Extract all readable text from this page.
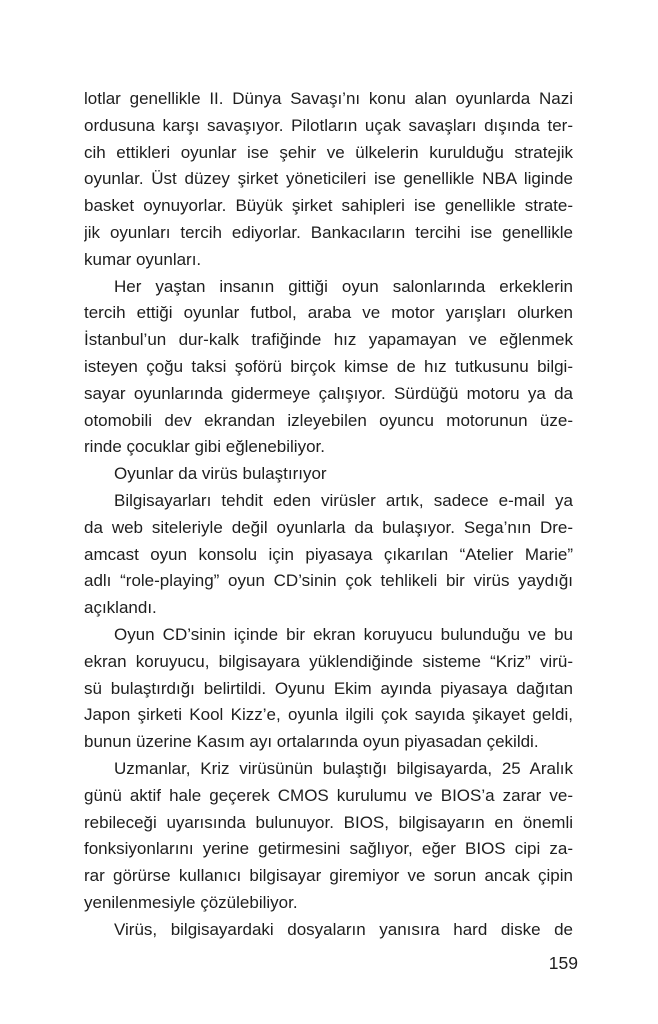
lotlar genellikle II. Dünya Savaşı’nı konu alan oyunlarda Nazi
ordusuna karşı savaşıyor. Pilotların uçak savaşları dışında ter-
cih ettikleri oyunlar ise şehir ve ülkelerin kurulduğu stratejik
oyunlar. Üst düzey şirket yöneticileri ise genellikle NBA liginde
basket oynuyorlar. Büyük şirket sahipleri ise genellikle strate-
jik oyunları tercih ediyorlar. Bankacıların tercihi ise genellikle
kumar oyunları.
Her yaştan insanın gittiği oyun salonlarında erkeklerin
tercih ettiği oyunlar futbol, araba ve motor yarışları olurken
İstanbul’un dur-kalk trafiğinde hız yapamayan ve eğlenmek
isteyen çoğu taksi şoförü birçok kimse de hız tutkusunu bilgi-
sayar oyunlarında gidermeye çalışıyor. Sürdüğü motoru ya da
otomobili dev ekrandan izleyebilen oyuncu motorunun üze-
rinde çocuklar gibi eğlenebiliyor.
Oyunlar da virüs bulaştırıyor
Bilgisayarları tehdit eden virüsler artık, sadece e-mail ya
da web siteleriyle değil oyunlarla da bulaşıyor. Sega’nın Dre-
amcast oyun konsolu için piyasaya çıkarılan “Atelier Marie”
adlı “role-playing” oyun CD’sinin çok tehlikeli bir virüs yaydığı
açıklandı.
Oyun CD’sinin içinde bir ekran koruyucu bulunduğu ve bu
ekran koruyucu, bilgisayara yüklendiğinde sisteme “Kriz” virü-
sü bulaştırdığı belirtildi. Oyunu Ekim ayında piyasaya dağıtan
Japon şirketi Kool Kizz’e, oyunla ilgili çok sayıda şikayet geldi,
bunun üzerine Kasım ayı ortalarında oyun piyasadan çekildi.
Uzmanlar, Kriz virüsünün bulaştığı bilgisayarda, 25 Aralık
günü aktif hale geçerek CMOS kurulumu ve BIOS’a zarar ve-
rebileceği uyarısında bulunuyor. BIOS, bilgisayarın en önemli
fonksiyonlarını yerine getirmesini sağlıyor, eğer BIOS cipi za-
rar görürse kullanıcı bilgisayar giremiyor ve sorun ancak çipin
yenilenmesiyle çözülebiliyor.
Virüs, bilgisayardaki dosyaların yanısıra hard diske de
159
